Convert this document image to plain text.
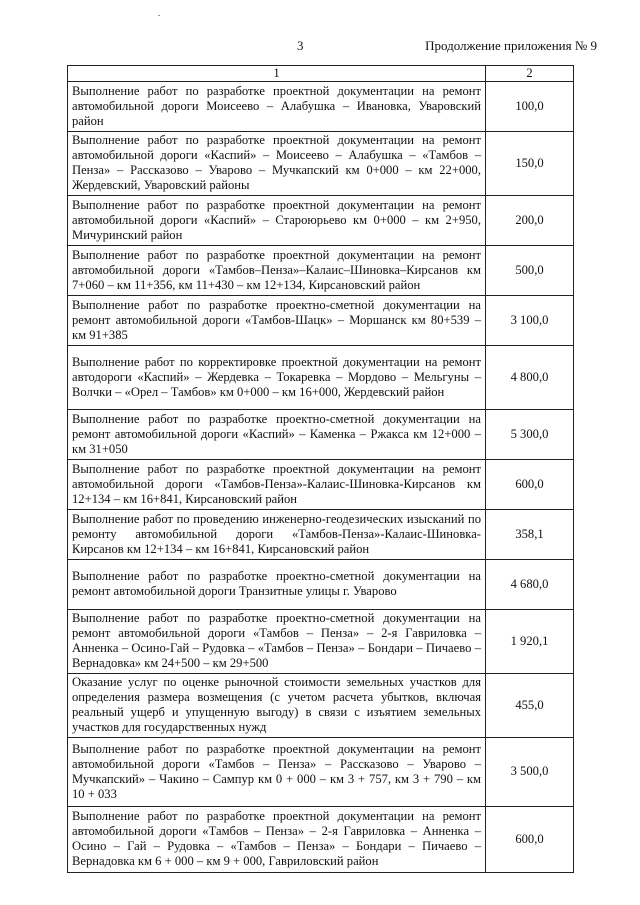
3	Продолжение приложения № 9
1	2
Выполнение работ по разработке проектной документации на ремонт автомобильной дороги Моисеево – Алабушка – Ивановка, Уваровский район	100,0
Выполнение работ по разработке проектной документации на ремонт автомобильной дороги «Каспий» – Моисеево – Алабушка – «Тамбов – Пенза» – Рассказово – Уварово – Мучкапский км 0+000 – км 22+000, Жердевский, Уваровский районы	150,0
Выполнение работ по разработке проектной документации на ремонт автомобильной дороги «Каспий» – Староюрьево км 0+000 – км 2+950, Мичуринский район	200,0
Выполнение работ по разработке проектной документации на ремонт автомобильной дороги «Тамбов–Пенза»–Калаис–Шиновка–Кирсанов км 7+060 – км 11+356, км 11+430 – км 12+134, Кирсановский район	500,0
Выполнение работ по разработке проектно-сметной документации на ремонт автомобильной дороги «Тамбов-Шацк» – Моршанск км 80+539 – км 91+385	3 100,0
Выполнение работ по корректировке проектной документации на ремонт автодороги «Каспий» – Жердевка – Токаревка – Мордово – Мельгуны – Волчки – «Орел – Тамбов» км 0+000 – км 16+000, Жердевский район	4 800,0
Выполнение работ по разработке проектно-сметной документации на ремонт автомобильной дороги «Каспий» – Каменка – Ржакса км 12+000 – км 31+050	5 300,0
Выполнение работ по разработке проектной документации на ремонт автомобильной дороги «Тамбов-Пенза»-Калаис-Шиновка-Кирсанов км 12+134 – км 16+841, Кирсановский район	600,0
Выполнение работ по проведению инженерно-геодезических изысканий по ремонту автомобильной дороги «Тамбов-Пенза»-Калаис-Шиновка-Кирсанов км 12+134 – км 16+841, Кирсановский район	358,1
Выполнение работ по разработке проектно-сметной документации на ремонт автомобильной дороги Транзитные улицы г. Уварово	4 680,0
Выполнение работ по разработке проектно-сметной документации на ремонт автомобильной дороги «Тамбов – Пенза» – 2-я Гавриловка – Анненка – Осино-Гай – Рудовка – «Тамбов – Пенза» – Бондари – Пичаево – Вернадовка» км 24+500 – км 29+500	1 920,1
Оказание услуг по оценке рыночной стоимости земельных участков для определения размера возмещения (с учетом расчета убытков, включая реальный ущерб и упущенную выгоду) в связи с изъятием земельных участков для государственных нужд	455,0
Выполнение работ по разработке проектной документации на ремонт автомобильной дороги «Тамбов – Пенза» – Рассказово – Уварово – Мучкапский» – Чакино – Сампур км 0 + 000 – км 3 + 757, км 3 + 790 – км 10 + 033	3 500,0
Выполнение работ по разработке проектной документации на ремонт автомобильной дороги «Тамбов – Пенза» – 2-я Гавриловка – Анненка – Осино – Гай – Рудовка – «Тамбов – Пенза» – Бондари – Пичаево – Вернадовка км 6 + 000 – км 9 + 000, Гавриловский район	600,0
